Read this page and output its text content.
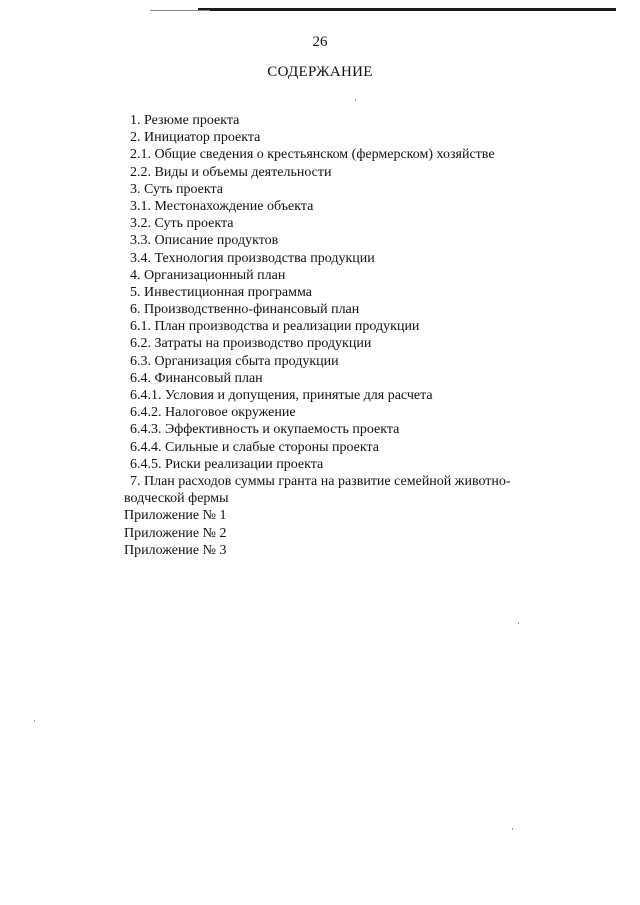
26
СОДЕРЖАНИЕ
1. Резюме проекта
2. Инициатор проекта
2.1. Общие сведения о крестьянском (фермерском) хозяйстве
2.2. Виды и объемы деятельности
3. Суть проекта
3.1. Местонахождение объекта
3.2. Суть проекта
3.3. Описание продуктов
3.4. Технология производства продукции
4. Организационный план
5. Инвестиционная программа
6. Производственно-финансовый план
6.1. План производства и реализации продукции
6.2. Затраты на производство продукции
6.3. Организация сбыта продукции
6.4. Финансовый план
6.4.1. Условия и допущения, принятые для расчета
6.4.2. Налоговое окружение
6.4.3. Эффективность и окупаемость проекта
6.4.4. Сильные и слабые стороны проекта
6.4.5. Риски реализации проекта
7. План расходов суммы гранта на развитие семейной животно-
водческой фермы
Приложение № 1
Приложение № 2
Приложение № 3
